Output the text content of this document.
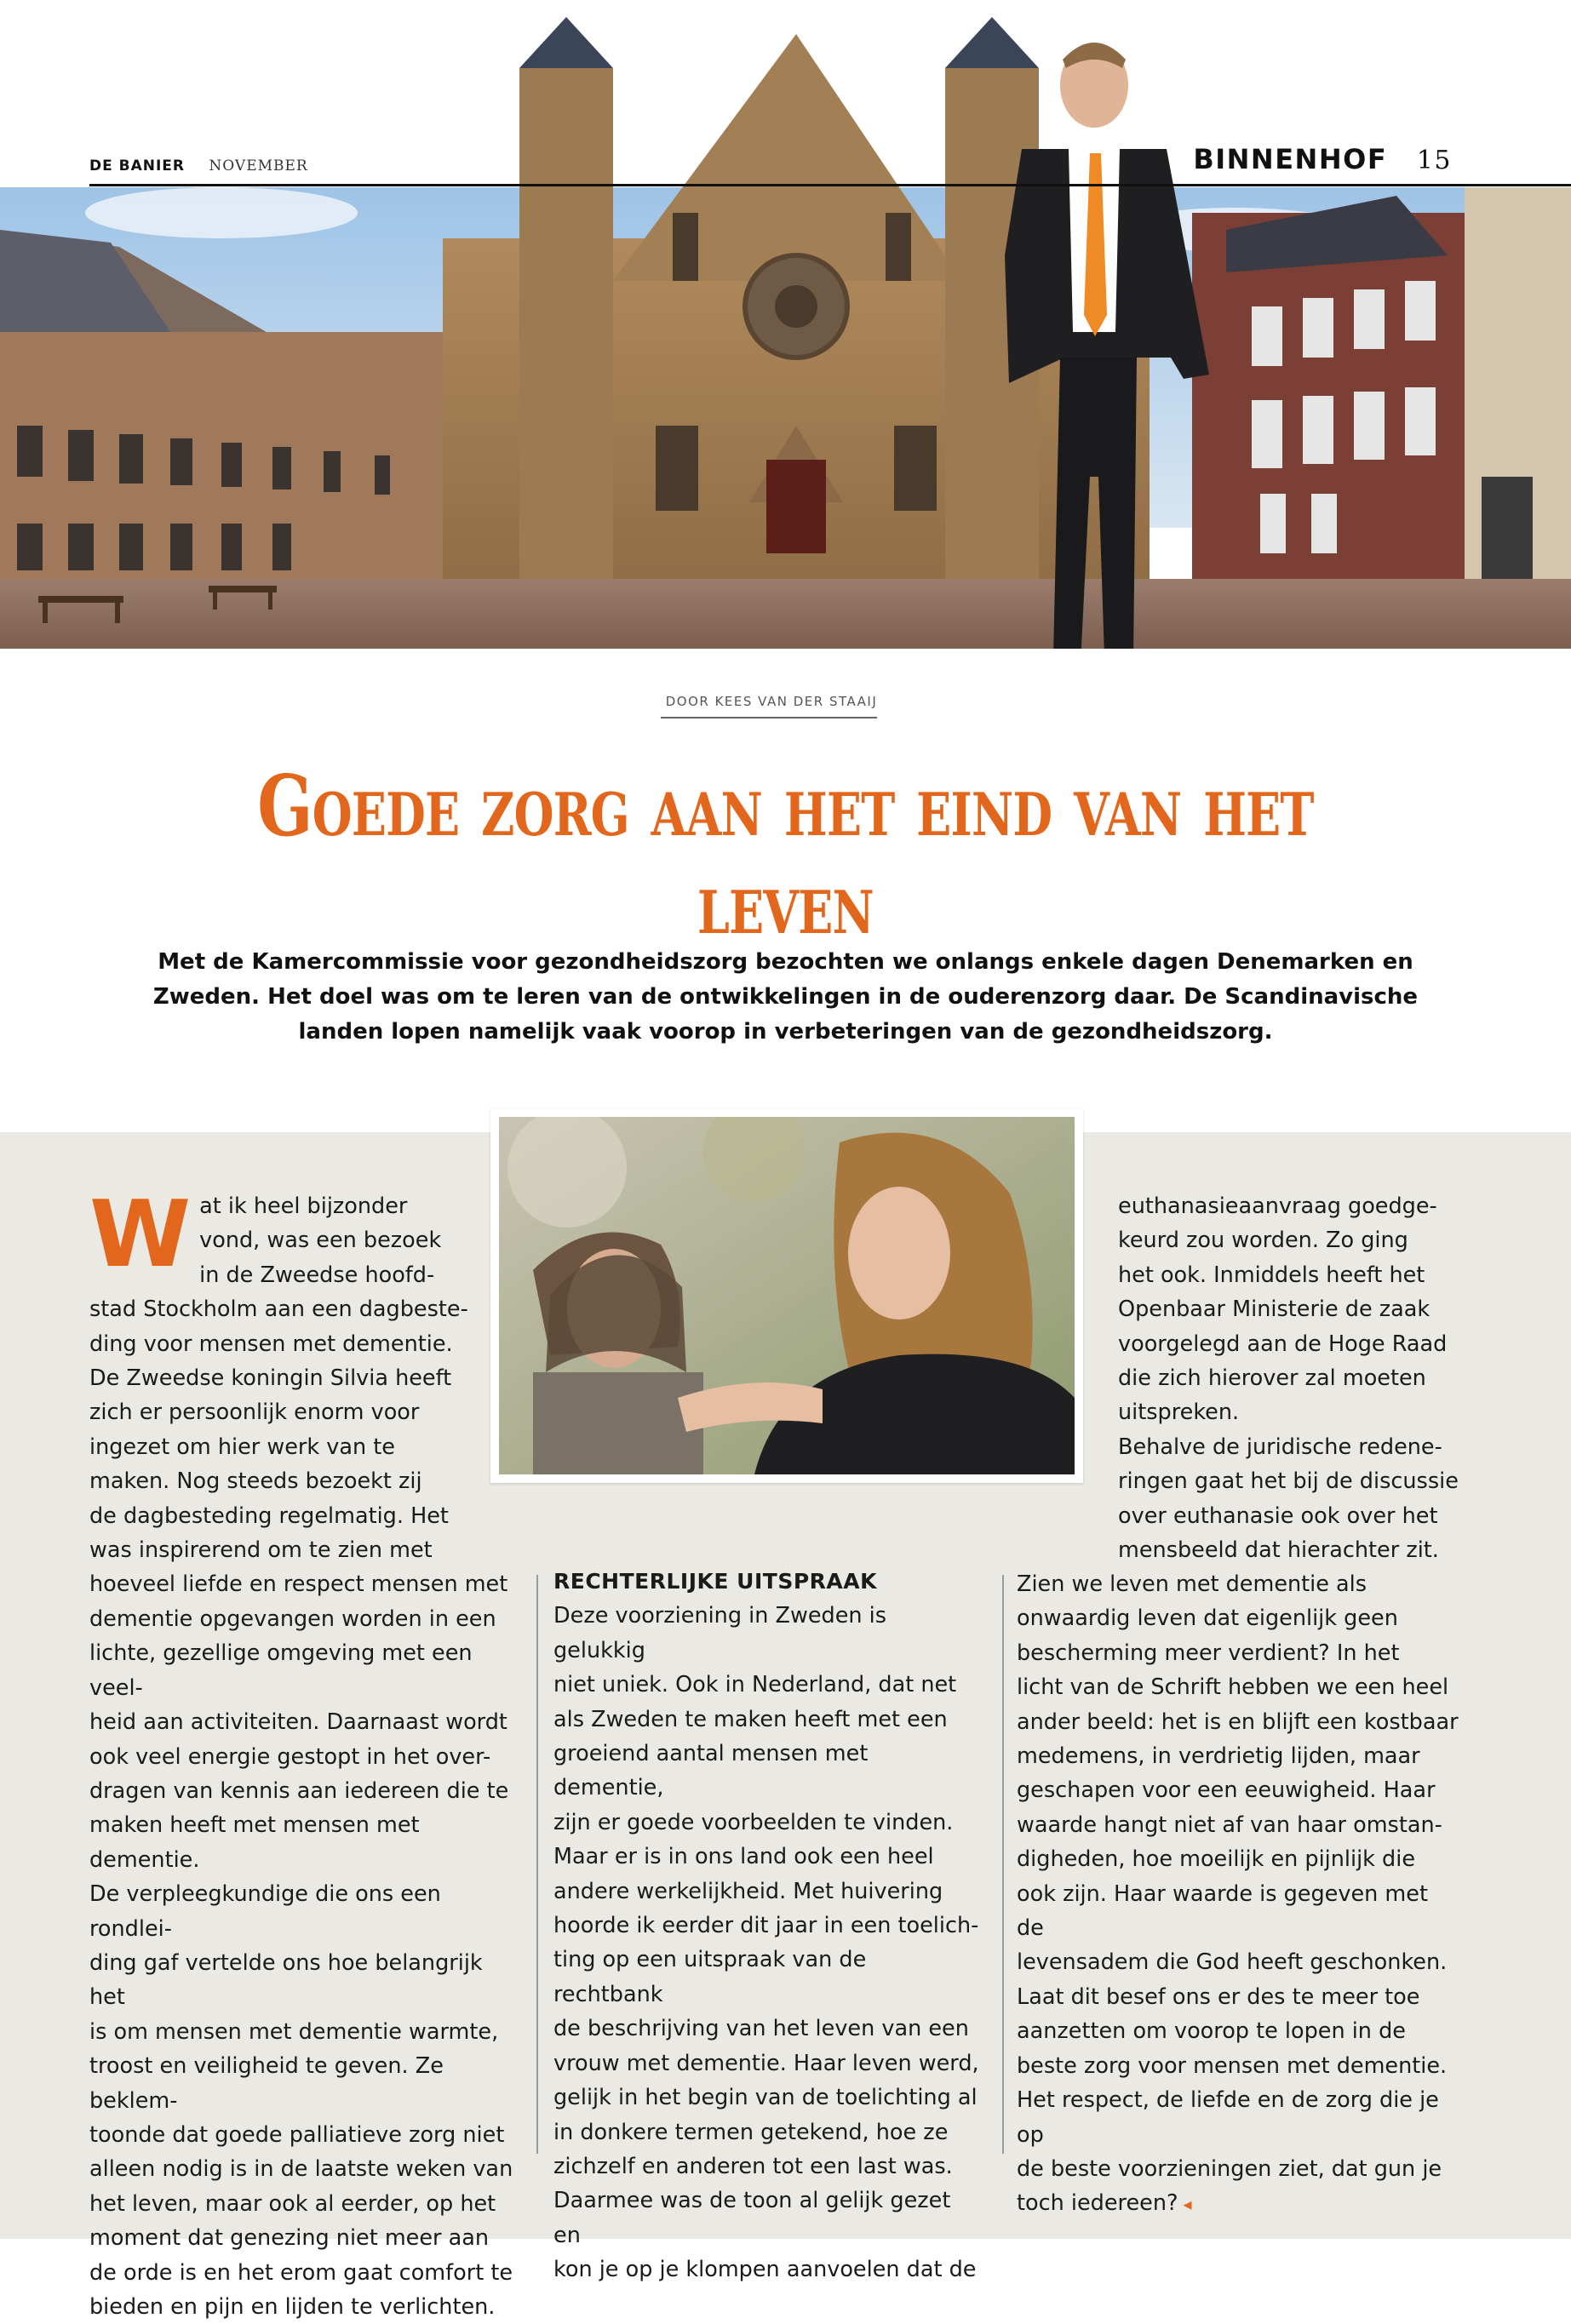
DE BANIER NOVEMBER	BINNENHOF 15
DOOR KEES VAN DER STAAIJ
Goede zorg aan het eind van het leven
Met de Kamercommissie voor gezondheidszorg bezochten we onlangs enkele dagen Denemarken en Zweden. Het doel was om te leren van de ontwikkelingen in de ouderenzorg daar. De Scandinavische landen lopen namelijk vaak voorop in verbeteringen van de gezondheidszorg.
W at ik heel bijzonder

vond, was een bezoek

in de Zweedse hoofd-

stad Stockholm aan een dagbeste-

ding voor mensen met dementie.

De Zweedse koningin Silvia heeft

zich er persoonlijk enorm voor

ingezet om hier werk van te

maken. Nog steeds bezoekt zij

de dagbesteding regelmatig. Het

was inspirerend om te zien met

hoeveel liefde en respect mensen met

dementie opgevangen worden in een

lichte, gezellige omgeving met een veel-

heid aan activiteiten. Daarnaast wordt

ook veel energie gestopt in het over-

dragen van kennis aan iedereen die te

maken heeft met mensen met dementie.

De verpleegkundige die ons een rondlei-

ding gaf vertelde ons hoe belangrijk het

is om mensen met dementie warmte,

troost en veiligheid te geven. Ze beklem-

toonde dat goede palliatieve zorg niet

alleen nodig is in de laatste weken van

het leven, maar ook al eerder, op het

moment dat genezing niet meer aan

de orde is en het erom gaat comfort te

bieden en pijn en lijden te verlichten.

RECHTERLIJKE UITSPRAAK

Deze voorziening in Zweden is gelukkig

niet uniek. Ook in Nederland, dat net

als Zweden te maken heeft met een

groeiend aantal mensen met dementie,

zijn er goede voorbeelden te vinden.

Maar er is in ons land ook een heel

andere werkelijkheid. Met huivering

hoorde ik eerder dit jaar in een toelich-

ting op een uitspraak van de rechtbank

de beschrijving van het leven van een

vrouw met dementie. Haar leven werd,

gelijk in het begin van de toelichting al

in donkere termen getekend, hoe ze

zichzelf en anderen tot een last was.

Daarmee was de toon al gelijk gezet en

kon je op je klompen aanvoelen dat de

euthanasieaanvraag goedge-

keurd zou worden. Zo ging

het ook. Inmiddels heeft het

Openbaar Ministerie de zaak

voorgelegd aan de Hoge Raad

die zich hierover zal moeten

uitspreken.

Behalve de juridische redene-

ringen gaat het bij de discussie

over euthanasie ook over het

mensbeeld dat hierachter zit.

Zien we leven met dementie als

onwaardig leven dat eigenlijk geen

bescherming meer verdient? In het

licht van de Schrift hebben we een heel

ander beeld: het is en blijft een kostbaar

medemens, in verdrietig lijden, maar

geschapen voor een eeuwigheid. Haar

waarde hangt niet af van haar omstan-

digheden, hoe moeilijk en pijnlijk die

ook zijn. Haar waarde is gegeven met de

levensadem die God heeft geschonken.

Laat dit besef ons er des te meer toe

aanzetten om voorop te lopen in de

beste zorg voor mensen met dementie.

Het respect, de liefde en de zorg die je op

de beste voorzieningen ziet, dat gun je

toch iedereen? ◂
